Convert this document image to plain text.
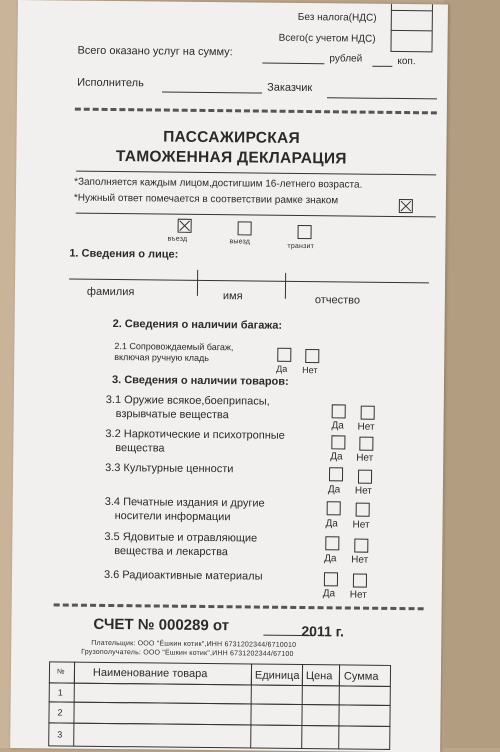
Без налога(НДС)
Всего(с учетом НДС)
Всего оказано услуг на сумму:
рублей	коп.
Исполнитель	Заказчик
ПАССАЖИРСКАЯ
ТАМОЖЕННАЯ ДЕКЛАРАЦИЯ
*Заполняется каждым лицом,достигшим 16-летнего возраста.
*Нужный ответ помечается в соответствии рамке знаком
въезд	выезд
транзит
1. Сведения о лице:
фамилия	имя	отчество
2. Сведения о наличии багажа:
2.1 Сопровождаемый багаж,
включая ручную кладь
Да Нет
3. Сведения о наличии товаров:
3.1 Оружие всякое,боеприпасы,
взрывчатые вещества
Да Нет
3.2 Наркотические и психотропные
вещества
Да Нет
3.3 Культурные ценности
Да Нет
3.4 Печатные издания и другие
носители информации
Да Нет
3.5 Ядовитые и отравляющие
вещества и лекарства
Да Нет
3.6 Радиоактивные материалы
Да Нет
СЧЕТ № 000289 от	2011 г.
Плательщик: ООО "Ёшкин котик",ИНН 6731202344/6710010
Грузополучатель: ООО "Ёшкин котик",ИНН 6731202344/67100
№	Наименование товара	Единица Цена Сумма
1
2
3
